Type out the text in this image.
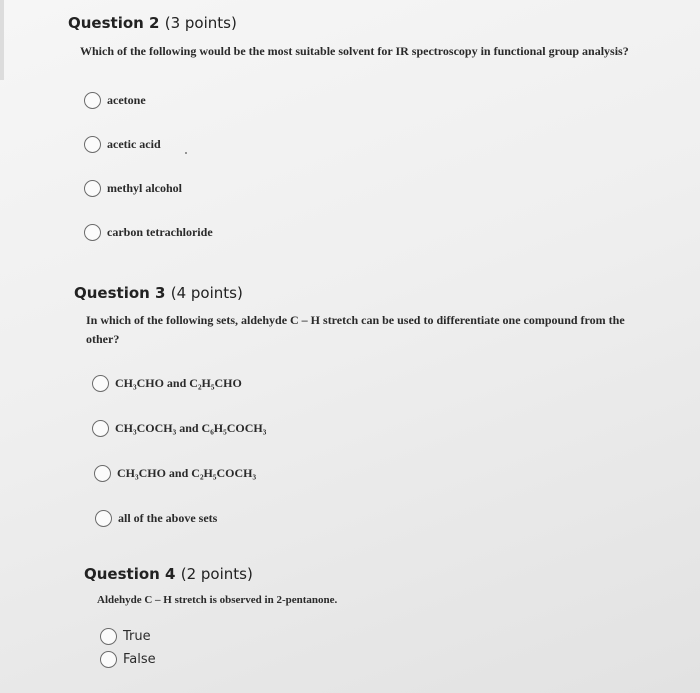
Question 2 (3 points)
Which of the following would be the most suitable solvent for IR spectroscopy in functional group analysis?
acetone
acetic acid
methyl alcohol
carbon tetrachloride
Question 3 (4 points)
In which of the following sets, aldehyde C – H stretch can be used to differentiate one compound from the other?
CH₃CHO and C₂H₅CHO
CH₃COCH₃ and C₆H₅COCH₃
CH₃CHO and C₂H₅COCH₃
all of the above sets
Question 4 (2 points)
Aldehyde C – H stretch is observed in 2-pentanone.
True
False
